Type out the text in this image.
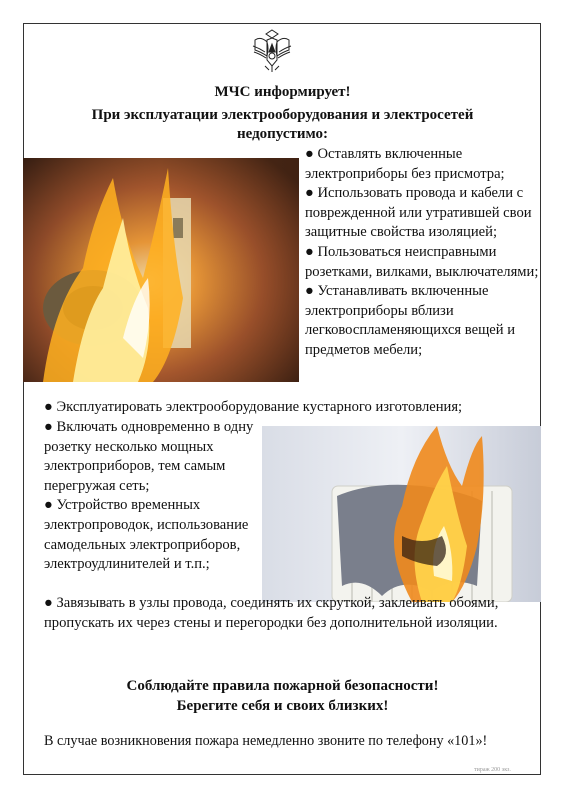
МЧС информирует!
При эксплуатации электрооборудования и электросетей недопустимо:

● Оставлять включенные электроприборы без присмотра;

● Использовать провода и кабели с поврежденной или утратившей свои защитные свойства изоляцией;

● Пользоваться неисправными розетками, вилками, выключателями;

● Устанавливать включенные электроприборы вблизи легковоспламеняющихся вещей и предметов мебели;

● Эксплуатировать электрооборудование кустарного изготовления;

● Включать одновременно в одну розетку несколько мощных электроприборов, тем самым перегружая сеть;

● Устройство временных электропроводок, использование самодельных электроприборов, электроудлинителей и т.п.;

● Завязывать в узлы провода, соединять их скруткой, заклеивать обоями, пропускать их через стены и перегородки без дополнительной изоляции.
Соблюдайте правила пожарной безопасности!
Берегите себя и своих близких!
В случае возникновения пожара немедленно звоните по телефону «101»!
тираж 200 экз.
